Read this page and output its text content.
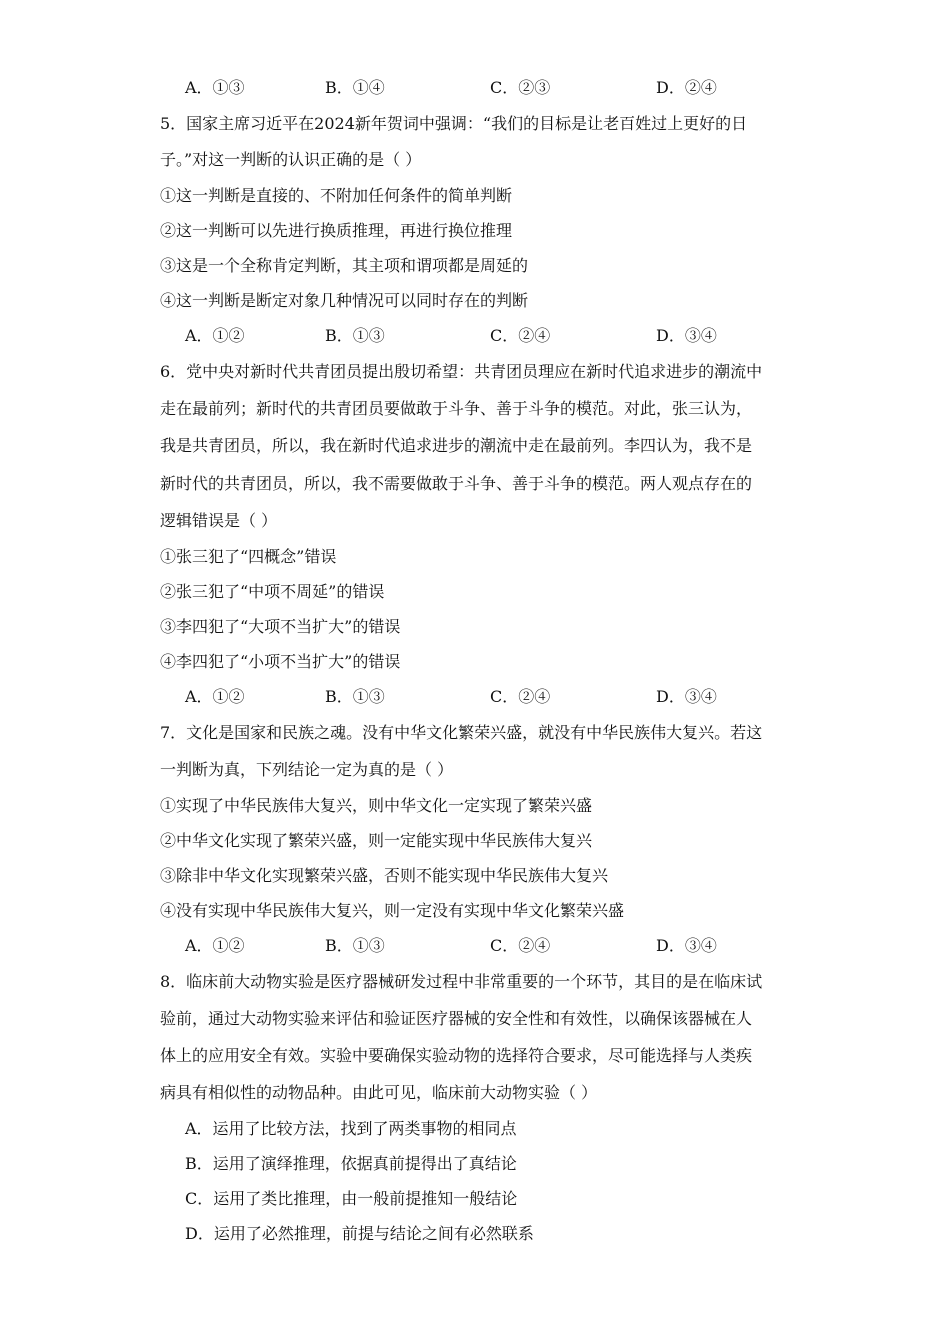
A．①③	B．①④	C．②③	D．②④
5．国家主席习近平在2024新年贺词中强调：“我们的目标是让老百姓过上更好的日
子。”对这一判断的认识正确的是（ ）
①这一判断是直接的、不附加任何条件的简单判断
②这一判断可以先进行换质推理，再进行换位推理
③这是一个全称肯定判断，其主项和谓项都是周延的
④这一判断是断定对象几种情况可以同时存在的判断
A．①②	B．①③	C．②④	D．③④
6．党中央对新时代共青团员提出殷切希望：共青团员理应在新时代追求进步的潮流中
走在最前列；新时代的共青团员要做敢于斗争、善于斗争的模范。对此，张三认为，
我是共青团员，所以，我在新时代追求进步的潮流中走在最前列。李四认为，我不是
新时代的共青团员，所以，我不需要做敢于斗争、善于斗争的模范。两人观点存在的
逻辑错误是（ ）
①张三犯了“四概念”错误
②张三犯了“中项不周延”的错误
③李四犯了“大项不当扩大”的错误
④李四犯了“小项不当扩大”的错误
A．①②	B．①③	C．②④	D．③④
7．文化是国家和民族之魂。没有中华文化繁荣兴盛，就没有中华民族伟大复兴。若这
一判断为真，下列结论一定为真的是（ ）
①实现了中华民族伟大复兴，则中华文化一定实现了繁荣兴盛
②中华文化实现了繁荣兴盛，则一定能实现中华民族伟大复兴
③除非中华文化实现繁荣兴盛，否则不能实现中华民族伟大复兴
④没有实现中华民族伟大复兴，则一定没有实现中华文化繁荣兴盛
A．①②	B．①③	C．②④	D．③④
8．临床前大动物实验是医疗器械研发过程中非常重要的一个环节，其目的是在临床试
验前，通过大动物实验来评估和验证医疗器械的安全性和有效性，以确保该器械在人
体上的应用安全有效。实验中要确保实验动物的选择符合要求，尽可能选择与人类疾
病具有相似性的动物品种。由此可见，临床前大动物实验（ ）
A．运用了比较方法，找到了两类事物的相同点
B．运用了演绎推理，依据真前提得出了真结论
C．运用了类比推理，由一般前提推知一般结论
D．运用了必然推理，前提与结论之间有必然联系
